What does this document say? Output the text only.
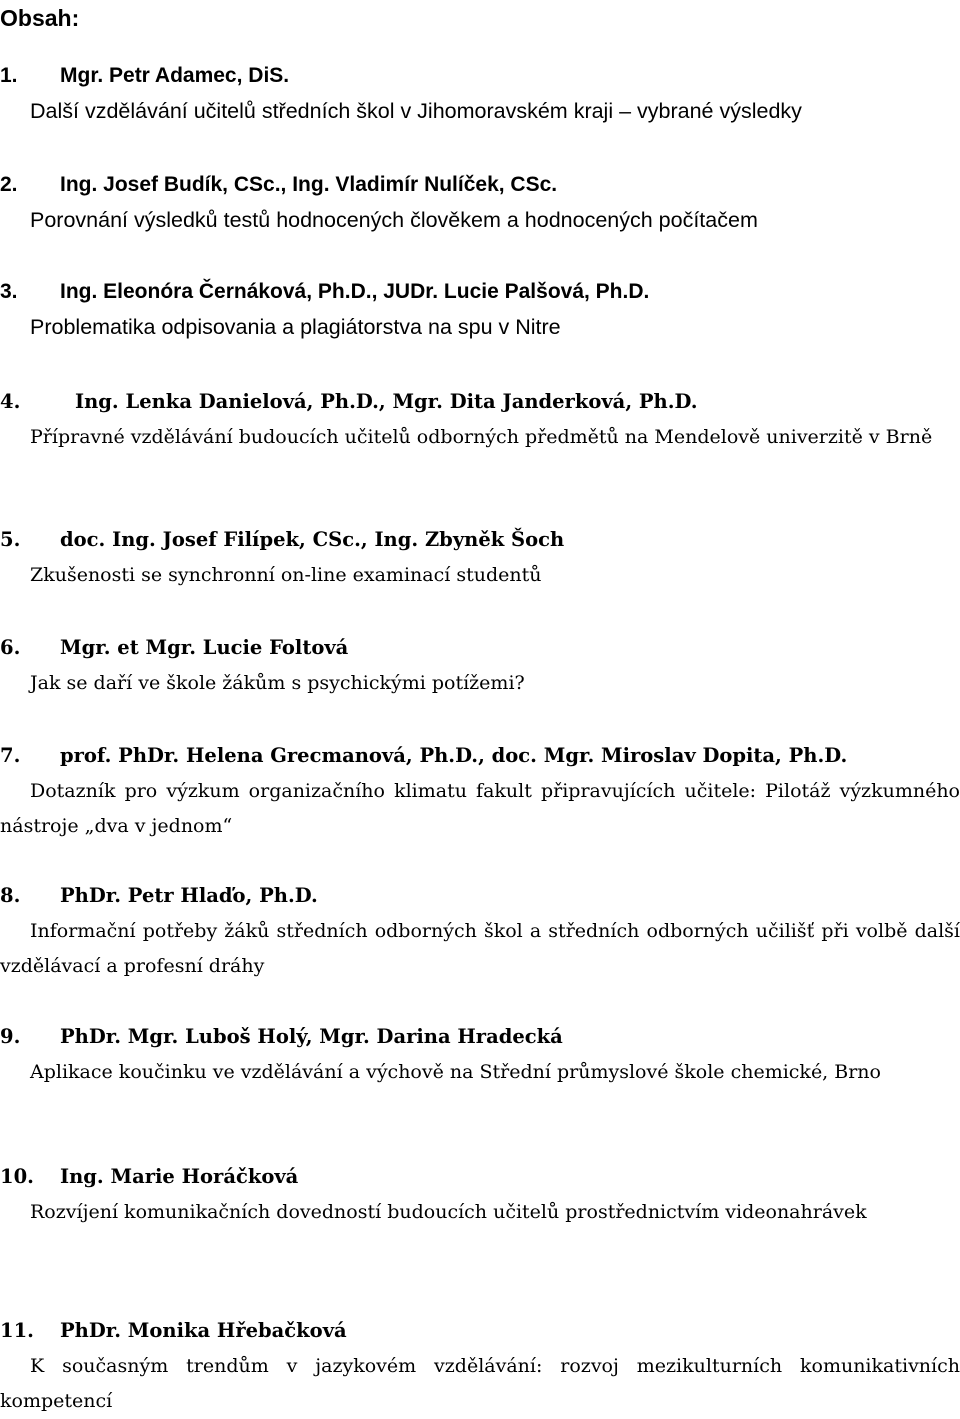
Obsah:
1. Mgr. Petr Adamec, DiS.
Další vzdělávání učitelů středních škol v Jihomoravském kraji – vybrané výsledky
2. Ing. Josef Budík, CSc., Ing. Vladimír Nulíček, CSc.
Porovnání výsledků testů hodnocených člověkem a hodnocených počítačem
3. Ing. Eleonóra Černáková, Ph.D., JUDr. Lucie Palšová, Ph.D.
Problematika odpisovania a plagiátorstva na spu v Nitre
4.	Ing. Lenka Danielová, Ph.D., Mgr. Dita Janderková, Ph.D.
Přípravné vzdělávání budoucích učitelů odborných předmětů na Mendelově univerzitě v Brně
5. doc. Ing. Josef Filípek, CSc., Ing. Zbyněk Šoch
Zkušenosti se synchronní on-line examinací studentů
6. Mgr. et Mgr. Lucie Foltová
Jak se daří ve škole žákům s psychickými potížemi?
7. prof. PhDr. Helena Grecmanová, Ph.D., doc. Mgr. Miroslav Dopita, Ph.D.
Dotazník pro výzkum organizačního klimatu fakult připravujících učitele: Pilotáž výzkumného nástroje „dva v jednom“
8. PhDr. Petr Hlaďo, Ph.D.
Informační potřeby žáků středních odborných škol a středních odborných učilišť při volbě další vzdělávací a profesní dráhy
9. PhDr. Mgr. Luboš Holý, Mgr. Darina Hradecká
Aplikace koučinku ve vzdělávání a výchově na Střední průmyslové škole chemické, Brno
10. Ing. Marie Horáčková
Rozvíjení komunikačních dovedností budoucích učitelů prostřednictvím videonahrávek
11. PhDr. Monika Hřebačková
K současným trendům v jazykovém vzdělávání: rozvoj mezikulturních komunikativních kompetencí
